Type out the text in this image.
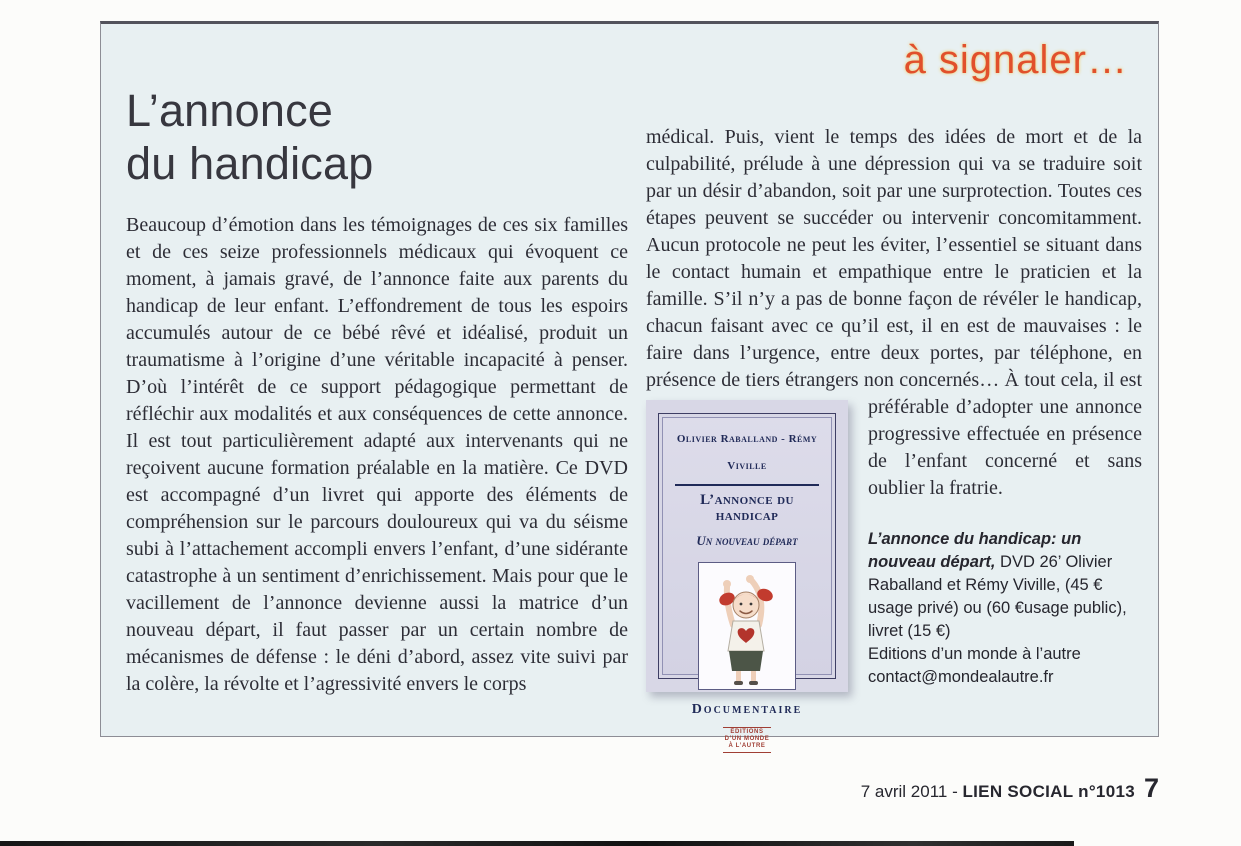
à signaler…
L’annonce
du handicap
Beaucoup d’émotion dans les témoignages de ces six familles et de ces seize professionnels médicaux qui évoquent ce moment, à jamais gravé, de l’annonce faite aux parents du handicap de leur enfant. L’effondrement de tous les espoirs accumulés autour de ce bébé rêvé et idéalisé, produit un traumatisme à l’origine d’une véritable incapacité à penser. D’où l’intérêt de ce support pédagogique permettant de réfléchir aux modalités et aux conséquences de cette annonce. Il est tout particulièrement adapté aux intervenants qui ne reçoivent aucune formation préalable en la matière. Ce DVD est accompagné d’un livret qui apporte des éléments de compréhension sur le parcours douloureux qui va du séisme subi à l’attachement accompli envers l’enfant, d’une sidérante catastrophe à un sentiment d’enrichissement. Mais pour que le vacillement de l’annonce devienne aussi la matrice d’un nouveau départ, il faut passer par un certain nombre de mécanismes de défense : le déni d’abord, assez vite suivi par la colère, la révolte et l’agressivité envers le corps
médical. Puis, vient le temps des idées de mort et de la culpabilité, prélude à une dépression qui va se traduire soit par un désir d’abandon, soit par une surprotection. Toutes ces étapes peuvent se succéder ou intervenir concomitamment. Aucun protocole ne peut les éviter, l’essentiel se situant dans le contact humain et empathique entre le praticien et la famille. S’il n’y a pas de bonne façon de révéler le handicap, chacun faisant avec ce qu’il est, il en est de mauvaises : le faire dans l’urgence, entre deux portes, par téléphone, en présence de tiers étrangers non concernés… À tout
Olivier Raballand - Rémy Viville
L’annonce du handicap
Un nouveau départ
Documentaire
ÉDITIONS
D’UN MONDE
À L’AUTRE
cela, il est préférable d’adopter une annonce progressive effectuée en présence de l’enfant concerné et sans oublier la fratrie.
L’annonce du handicap: un nouveau départ, DVD 26’ Olivier Raballand et Rémy Viville, (45 € usage privé) ou (60 €usage public), livret (15 €)
Editions d’un monde à l’autre
contact@mondealautre.fr
7 avril 2011 - LIEN SOCIAL n°1013 7
